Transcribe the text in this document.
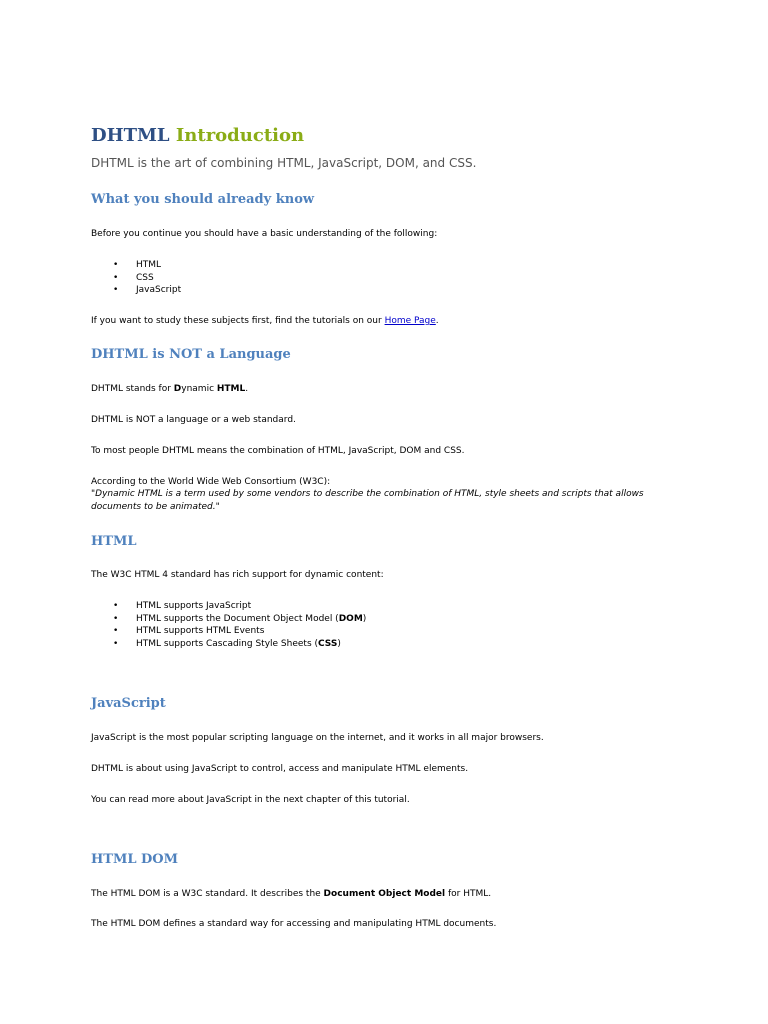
DHTML Introduction
DHTML is the art of combining HTML, JavaScript, DOM, and CSS.
What you should already know
Before you continue you should have a basic understanding of the following:
• HTML
• CSS
• JavaScript
If you want to study these subjects first, find the tutorials on our Home Page.
DHTML is NOT a Language
DHTML stands for Dynamic HTML.
DHTML is NOT a language or a web standard.
To most people DHTML means the combination of HTML, JavaScript, DOM and CSS.
According to the World Wide Web Consortium (W3C):
"Dynamic HTML is a term used by some vendors to describe the combination of HTML, style sheets and scripts that allows documents to be animated."
HTML
The W3C HTML 4 standard has rich support for dynamic content:
• HTML supports JavaScript
• HTML supports the Document Object Model (DOM)
• HTML supports HTML Events
• HTML supports Cascading Style Sheets (CSS)
JavaScript
JavaScript is the most popular scripting language on the internet, and it works in all major browsers.
DHTML is about using JavaScript to control, access and manipulate HTML elements.
You can read more about JavaScript in the next chapter of this tutorial.
HTML DOM
The HTML DOM is a W3C standard. It describes the Document Object Model for HTML.
The HTML DOM defines a standard way for accessing and manipulating HTML documents.
